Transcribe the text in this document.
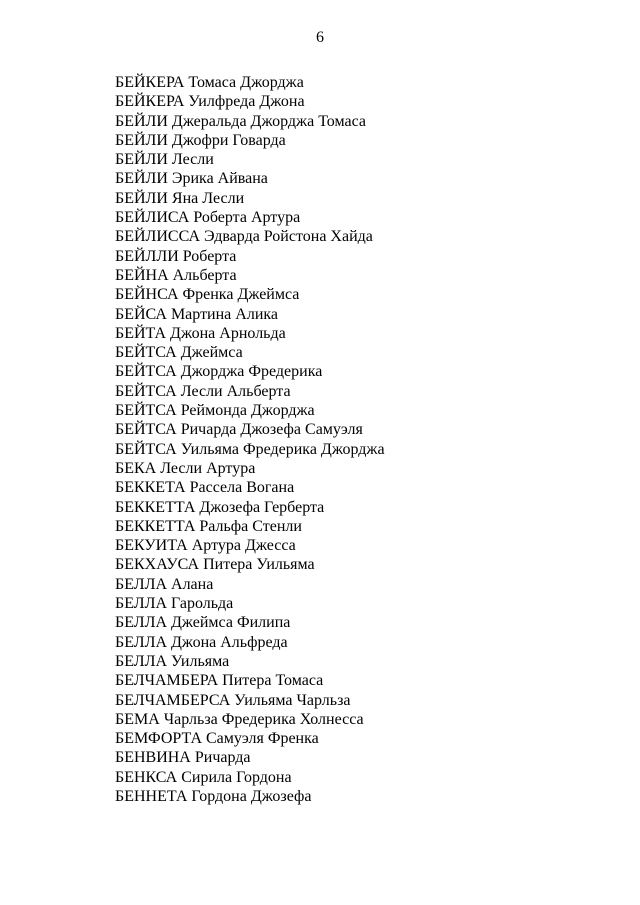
6
БЕЙКЕРА Томаса Джорджа
БЕЙКЕРА Уилфреда Джона
БЕЙЛИ Джеральда Джорджа Томаса
БЕЙЛИ Джофри Говарда
БЕЙЛИ Лесли
БЕЙЛИ Эрика Айвана
БЕЙЛИ Яна Лесли
БЕЙЛИСА Роберта Артура
БЕЙЛИССА Эдварда Ройстона Хайда
БЕЙЛЛИ Роберта
БЕЙНА Альберта
БЕЙНСА Френка Джеймса
БЕЙСА Мартина Алика
БЕЙТА Джона Арнольда
БЕЙТСА Джеймса
БЕЙТСА Джорджа Фредерика
БЕЙТСА Лесли Альберта
БЕЙТСА Реймонда Джорджа
БЕЙТСА Ричарда Джозефа Самуэля
БЕЙТСА Уильяма Фредерика Джорджа
БЕКА Лесли Артура
БЕККЕТА Рассела Вогана
БЕККЕТТА Джозефа Герберта
БЕККЕТТА Ральфа Стенли
БЕКУИТА Артура Джесса
БЕКХАУСА Питера Уильяма
БЕЛЛА Алана
БЕЛЛА Гарольда
БЕЛЛА Джеймса Филипа
БЕЛЛА Джона Альфреда
БЕЛЛА Уильяма
БЕЛЧАМБЕРА Питера Томаса
БЕЛЧАМБЕРСА Уильяма Чарльза
БЕМА Чарльза Фредерика Холнесса
БЕМФОРТА Самуэля Френка
БЕНВИНА Ричарда
БЕНКСА Сирила Гордона
БЕННЕТА Гордона Джозефа
